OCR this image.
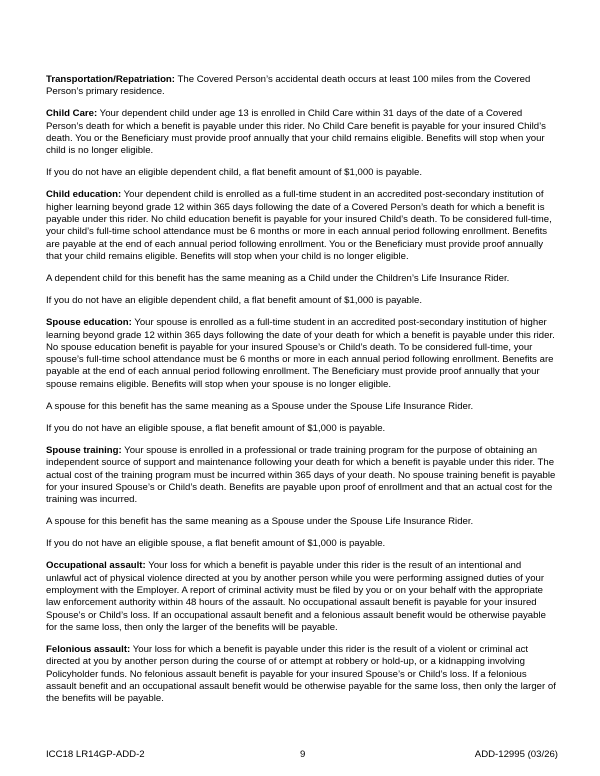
Transportation/Repatriation: The Covered Person’s accidental death occurs at least 100 miles from the Covered Person’s primary residence.

Child Care: Your dependent child under age 13 is enrolled in Child Care within 31 days of the date of a Covered Person’s death for which a benefit is payable under this rider. No Child Care benefit is payable for your insured Child’s death. You or the Beneficiary must provide proof annually that your child remains eligible. Benefits will stop when your child is no longer eligible.

If you do not have an eligible dependent child, a flat benefit amount of $1,000 is payable.

Child education: Your dependent child is enrolled as a full-time student in an accredited post-secondary institution of higher learning beyond grade 12 within 365 days following the date of a Covered Person’s death for which a benefit is payable under this rider. No child education benefit is payable for your insured Child’s death. To be considered full-time, your child’s full-time school attendance must be 6 months or more in each annual period following enrollment. Benefits are payable at the end of each annual period following enrollment. You or the Beneficiary must provide proof annually that your child remains eligible. Benefits will stop when your child is no longer eligible.

A dependent child for this benefit has the same meaning as a Child under the Children’s Life Insurance Rider.

If you do not have an eligible dependent child, a flat benefit amount of $1,000 is payable.

Spouse education: Your spouse is enrolled as a full-time student in an accredited post-secondary institution of higher learning beyond grade 12 within 365 days following the date of your death for which a benefit is payable under this rider. No spouse education benefit is payable for your insured Spouse’s or Child’s death. To be considered full-time, your spouse’s full-time school attendance must be 6 months or more in each annual period following enrollment. Benefits are payable at the end of each annual period following enrollment. The Beneficiary must provide proof annually that your spouse remains eligible. Benefits will stop when your spouse is no longer eligible.

A spouse for this benefit has the same meaning as a Spouse under the Spouse Life Insurance Rider.

If you do not have an eligible spouse, a flat benefit amount of $1,000 is payable.

Spouse training: Your spouse is enrolled in a professional or trade training program for the purpose of obtaining an independent source of support and maintenance following your death for which a benefit is payable under this rider. The actual cost of the training program must be incurred within 365 days of your death. No spouse training benefit is payable for your insured Spouse’s or Child’s death. Benefits are payable upon proof of enrollment and that an actual cost for the training was incurred.

A spouse for this benefit has the same meaning as a Spouse under the Spouse Life Insurance Rider.

If you do not have an eligible spouse, a flat benefit amount of $1,000 is payable.

Occupational assault: Your loss for which a benefit is payable under this rider is the result of an intentional and unlawful act of physical violence directed at you by another person while you were performing assigned duties of your employment with the Employer. A report of criminal activity must be filed by you or on your behalf with the appropriate law enforcement authority within 48 hours of the assault. No occupational assault benefit is payable for your insured Spouse’s or Child’s loss. If an occupational assault benefit and a felonious assault benefit would be otherwise payable for the same loss, then only the larger of the benefits will be payable.

Felonious assault: Your loss for which a benefit is payable under this rider is the result of a violent or criminal act directed at you by another person during the course of or attempt at robbery or hold-up, or a kidnapping involving Policyholder funds. No felonious assault benefit is payable for your insured Spouse’s or Child’s loss. If a felonious assault benefit and an occupational assault benefit would be otherwise payable for the same loss, then only the larger of the benefits will be payable.

ICC18 LR14GP-ADD-2	9	ADD-12995 (03/26)
